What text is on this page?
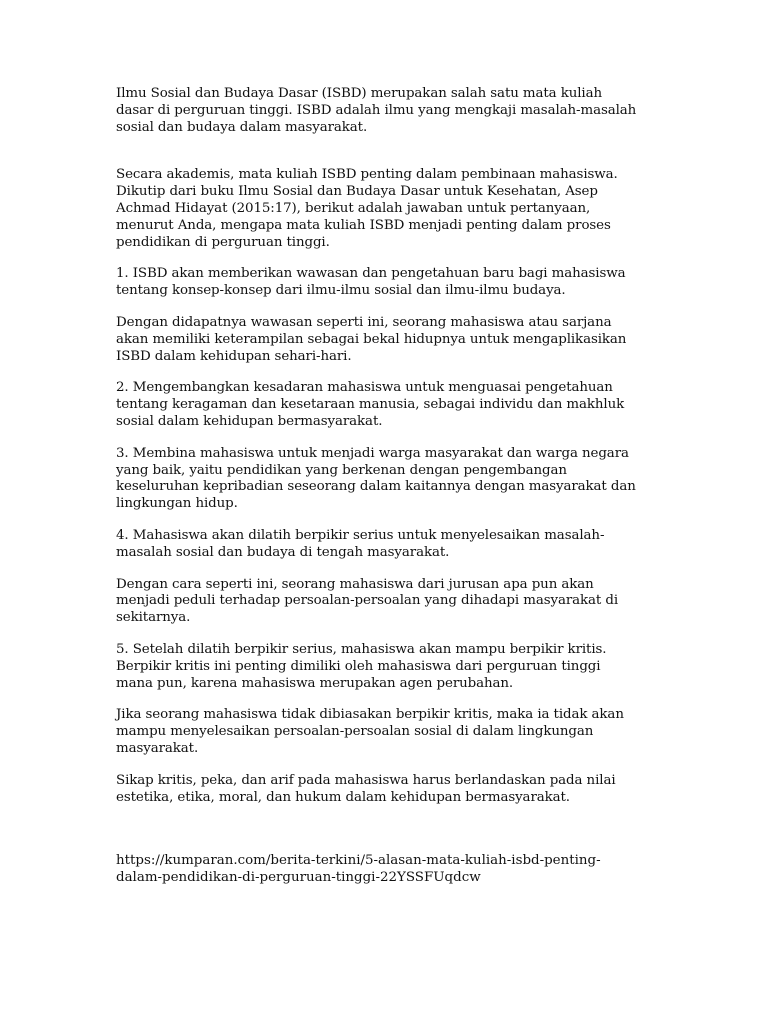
Ilmu Sosial dan Budaya Dasar (ISBD) merupakan salah satu mata kuliah dasar di perguruan tinggi. ISBD adalah ilmu yang mengkaji masalah-masalah sosial dan budaya dalam masyarakat.

Secara akademis, mata kuliah ISBD penting dalam pembinaan mahasiswa. Dikutip dari buku Ilmu Sosial dan Budaya Dasar untuk Kesehatan, Asep Achmad Hidayat (2015:17), berikut adalah jawaban untuk pertanyaan, menurut Anda, mengapa mata kuliah ISBD menjadi penting dalam proses pendidikan di perguruan tinggi.

1. ISBD akan memberikan wawasan dan pengetahuan baru bagi mahasiswa tentang konsep-konsep dari ilmu-ilmu sosial dan ilmu-ilmu budaya.

Dengan didapatnya wawasan seperti ini, seorang mahasiswa atau sarjana akan memiliki keterampilan sebagai bekal hidupnya untuk mengaplikasikan ISBD dalam kehidupan sehari-hari.

2. Mengembangkan kesadaran mahasiswa untuk menguasai pengetahuan tentang keragaman dan kesetaraan manusia, sebagai individu dan makhluk sosial dalam kehidupan bermasyarakat.

3. Membina mahasiswa untuk menjadi warga masyarakat dan warga negara yang baik, yaitu pendidikan yang berkenan dengan pengembangan keseluruhan kepribadian seseorang dalam kaitannya dengan masyarakat dan lingkungan hidup.

4. Mahasiswa akan dilatih berpikir serius untuk menyelesaikan masalah-masalah sosial dan budaya di tengah masyarakat.

Dengan cara seperti ini, seorang mahasiswa dari jurusan apa pun akan menjadi peduli terhadap persoalan-persoalan yang dihadapi masyarakat di sekitarnya.

5. Setelah dilatih berpikir serius, mahasiswa akan mampu berpikir kritis. Berpikir kritis ini penting dimiliki oleh mahasiswa dari perguruan tinggi mana pun, karena mahasiswa merupakan agen perubahan.

Jika seorang mahasiswa tidak dibiasakan berpikir kritis, maka ia tidak akan mampu menyelesaikan persoalan-persoalan sosial di dalam lingkungan masyarakat.

Sikap kritis, peka, dan arif pada mahasiswa harus berlandaskan pada nilai estetika, etika, moral, dan hukum dalam kehidupan bermasyarakat.

https://kumparan.com/berita-terkini/5-alasan-mata-kuliah-isbd-penting-dalam-pendidikan-di-perguruan-tinggi-22YSSFUqdcw
